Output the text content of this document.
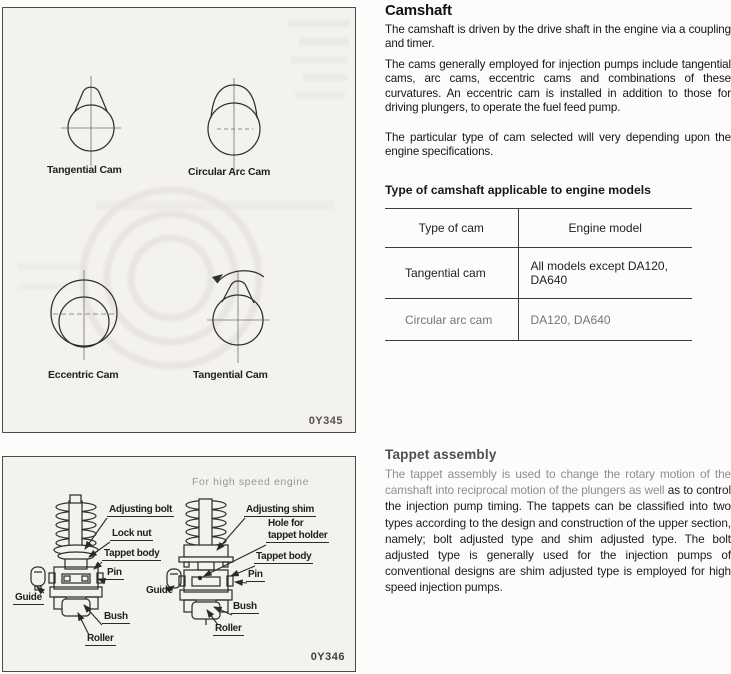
Tangential Cam	Circular Arc Cam
Eccentric Cam	Tangential Cam
0Y345
For high speed engine
Adjusting bolt
Lock nut
Tappet body
Pin
Guide
Bush
Roller
Adjusting shim
Hole for
tappet holder
Tappet body
Pin
Guide
Bush
Roller
0Y346
Camshaft
The camshaft is driven by the drive shaft in the engine via a coupling and timer.
The cams generally employed for injection pumps include tangential cams, arc cams, eccentric cams and combinations of these curvatures. An eccentric cam is installed in addition to those for driving plungers, to operate the fuel feed pump.
The particular type of cam selected will very depending upon the engine specifications.
Type of camshaft applicable to engine models
Type of cam	Engine model
Tangential cam	All models except DA120, DA640
Circular arc cam	DA120, DA640
Tappet assembly
The tappet assembly is used to change the rotary motion of the camshaft into reciprocal motion of the plungers as well as to control the injection pump timing. The tappets can be classified into two types according to the design and construction of the upper section, namely; bolt adjusted type and shim adjusted type. The bolt adjusted type is generally used for the injection pumps of conventional designs are shim adjusted type is employed for high speed injection pumps.
